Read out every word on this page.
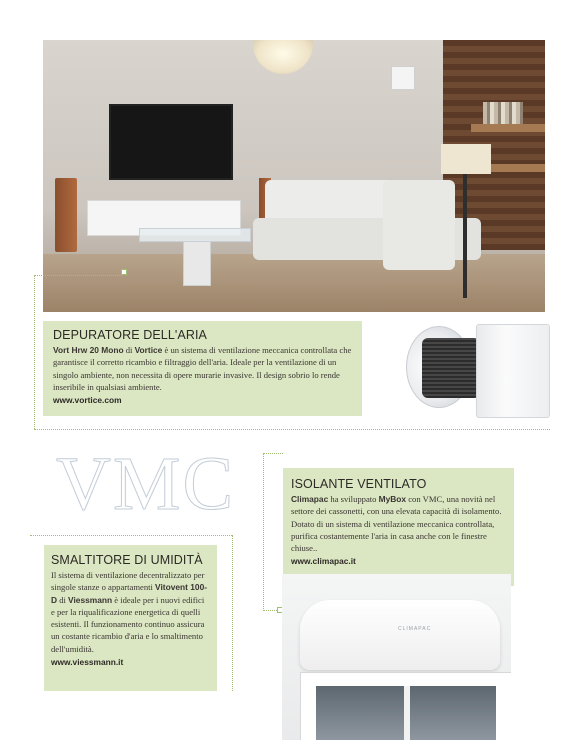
DEPURATORE DELL'ARIA

Vort Hrw 20 Mono di Vortice è un sistema di ventilazione meccanica controllata che garantisce il corretto ricambio e filtraggio dell'aria. Ideale per la ventilazione di un singolo ambiente, non necessita di opere murarie invasive. Il design sobrio lo rende inseribile in qualsiasi ambiente.

www.vortice.com

VMC	ISOLANTE VENTILATO

Climapac ha sviluppato MyBox con VMC, una novità nel settore dei cassonetti, con una elevata capacità di isolamento. Dotato di un sistema di ventilazione meccanica controllata, purifica costantemente l'aria in casa anche con le finestre chiuse..

www.climapac.it

CLIMAPAC
SMALTITORE DI UMIDITÀ

Il sistema di ventilazione decentralizzato per singole stanze o appartamenti Vitovent 100-D di Viessmann è ideale per i nuovi edifici e per la riqualificazione energetica di quelli esistenti. Il funzionamento continuo assicura un costante ricambio d'aria e lo smaltimento dell'umidità.

www.viessmann.it
